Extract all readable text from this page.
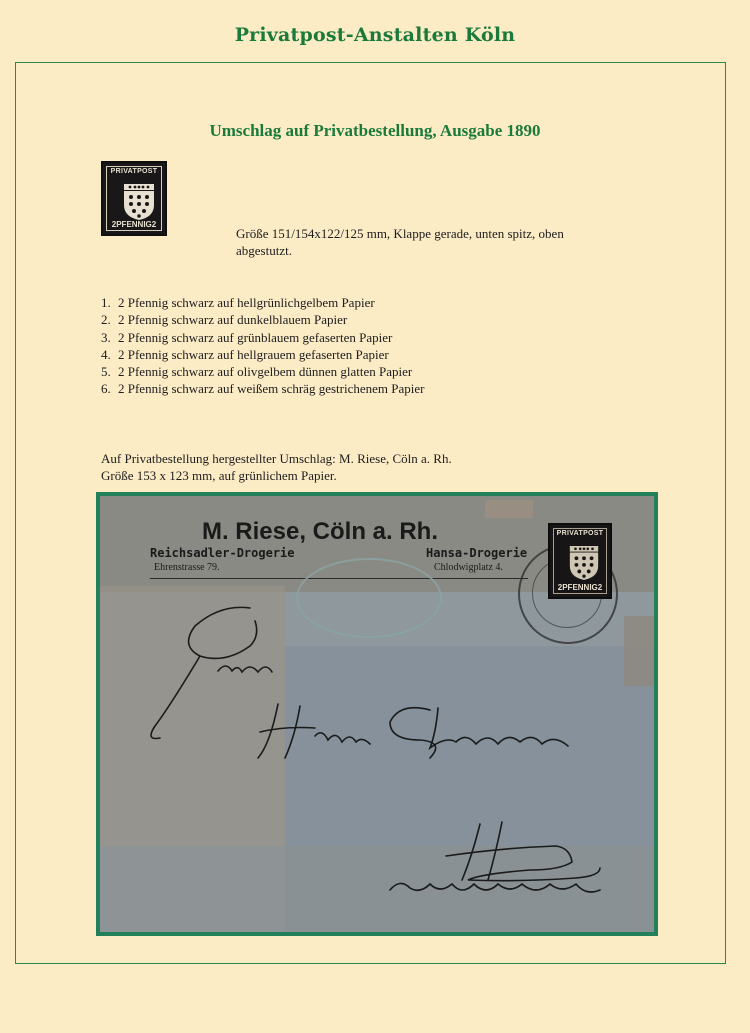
Privatpost-Anstalten Köln
Umschlag auf Privatbestellung, Ausgabe 1890
PRIVATPOST
2PFENNIG2
Größe 151/154x122/125 mm, Klappe gerade, unten spitz, oben abgestutzt.
1. 2 Pfennig schwarz auf hellgrünlichgelbem Papier
2. 2 Pfennig schwarz auf dunkelblauem Papier
3. 2 Pfennig schwarz auf grünblauem gefaserten Papier
4. 2 Pfennig schwarz auf hellgrauem gefaserten Papier
5. 2 Pfennig schwarz auf olivgelbem dünnen glatten Papier
6. 2 Pfennig schwarz auf weißem schräg gestrichenem Papier
Auf Privatbestellung hergestellter Umschlag: M. Riese, Cöln a. Rh.
Größe 153 x 123 mm, auf grünlichem Papier.
M. Riese, Cöln a. Rh.
Reichsadler-Drogerie
Ehrenstrasse 79.
Hansa-Drogerie
Chlodwigplatz 4.
PRIVATPOST
2PFENNIG2
